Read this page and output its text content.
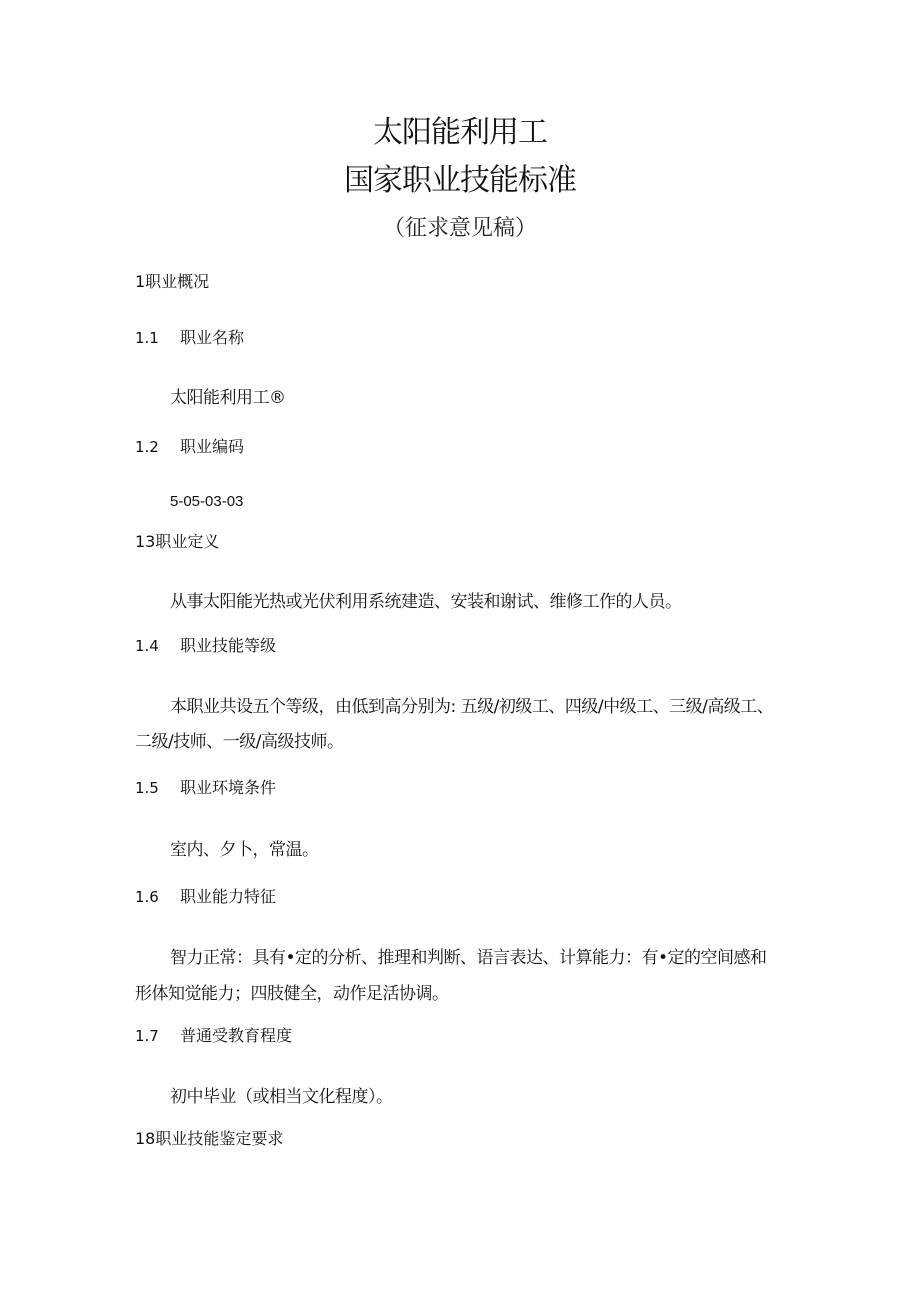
太阳能利用工
国家职业技能标准
（征求意见稿）
1职业概况
1.1 职业名称
太阳能利用工®
1.2 职业编码
5-05-03-03
13职业定义
从事太阳能光热或光伏利用系统建造、安装和谢试、维修工作的人员。
1.4 职业技能等级
本职业共设五个等级，由低到高分别为: 五级/初级工、四级/中级工、三级/高级工、
二级/技师、一级/高级技师。
1.5 职业环境条件
室内、夕卜，常温。
1.6 职业能力特征
智力正常：具有•定的分析、推理和判断、语言表达、计算能力：有•定的空间感和
形体知觉能力；四肢健全，动作足活协调。
1.7 普通受教育程度
初中毕业（或相当文化程度）。
18职业技能鉴定要求
